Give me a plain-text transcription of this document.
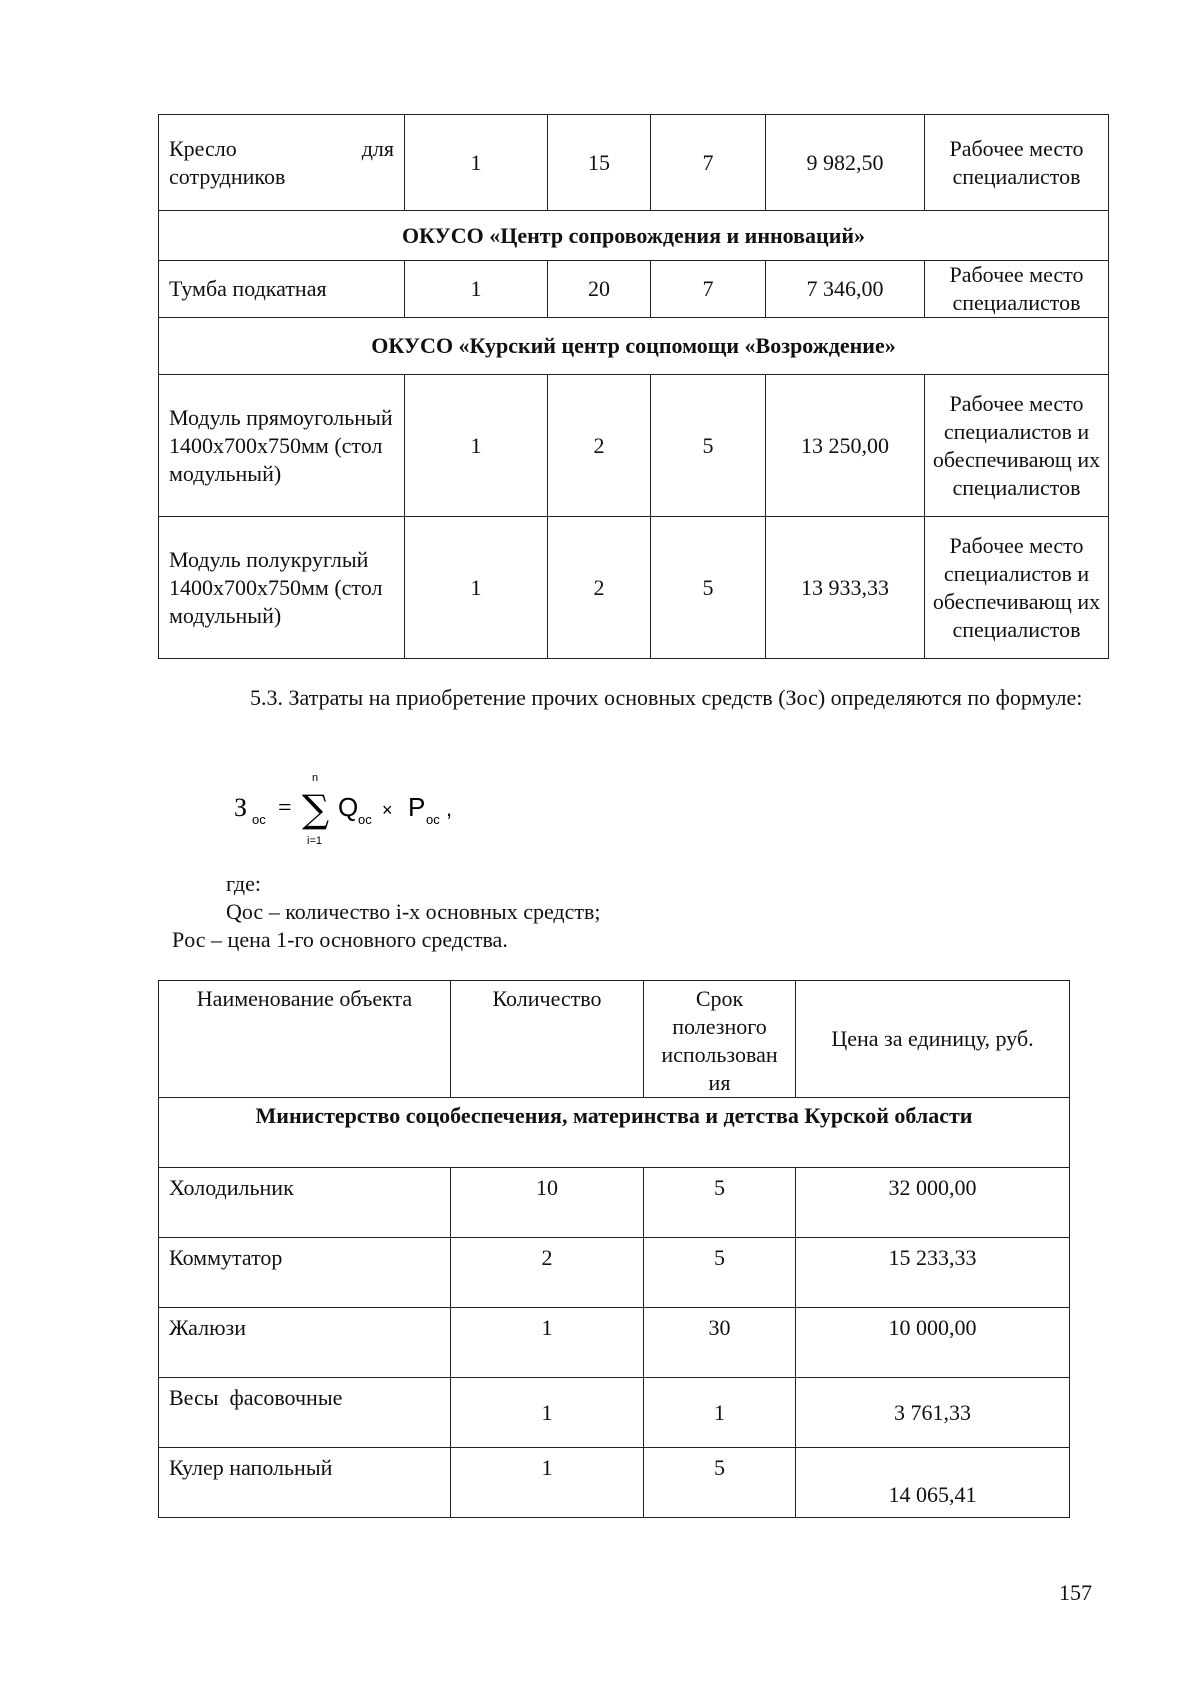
Кресло для
сотрудников	1	15	7	9 982,50	Рабочее место специалистов
ОКУСО «Центр сопровождения и инноваций»					
Тумба подкатная	1	20	7	7 346,00	Рабочее место специалистов
ОКУСО «Курский центр соцпомощи «Возрождение»					
Модуль прямоугольный 1400x700x750мм (стол модульный)	1	2	5	13 250,00	Рабочее место специалистов и обеспечивающ их специалистов
Модуль полукруглый 1400x700x750мм (стол модульный)	1	2	5	13 933,33	Рабочее место специалистов и обеспечивающ их специалистов
5.3. Затраты на приобретение прочих основных средств (Зос) определяются по формуле:
З ос =
n
∑
i=1
Q ос × P ос ,
где:
Qос – количество i-х основных средств;
Pос – цена 1-го основного средства.
Наименование объекта	Количество	Срок полезного использован ия	Цена за единицу, руб.
Министерство соцобеспечения, материнства и детства Курской области			
Холодильник	10	5	32 000,00
Коммутатор	2	5	15 233,33
Жалюзи	1	30	10 000,00
Весы  фасовочные	1	1	3 761,33
Кулер напольный	1	5	14 065,41
157
